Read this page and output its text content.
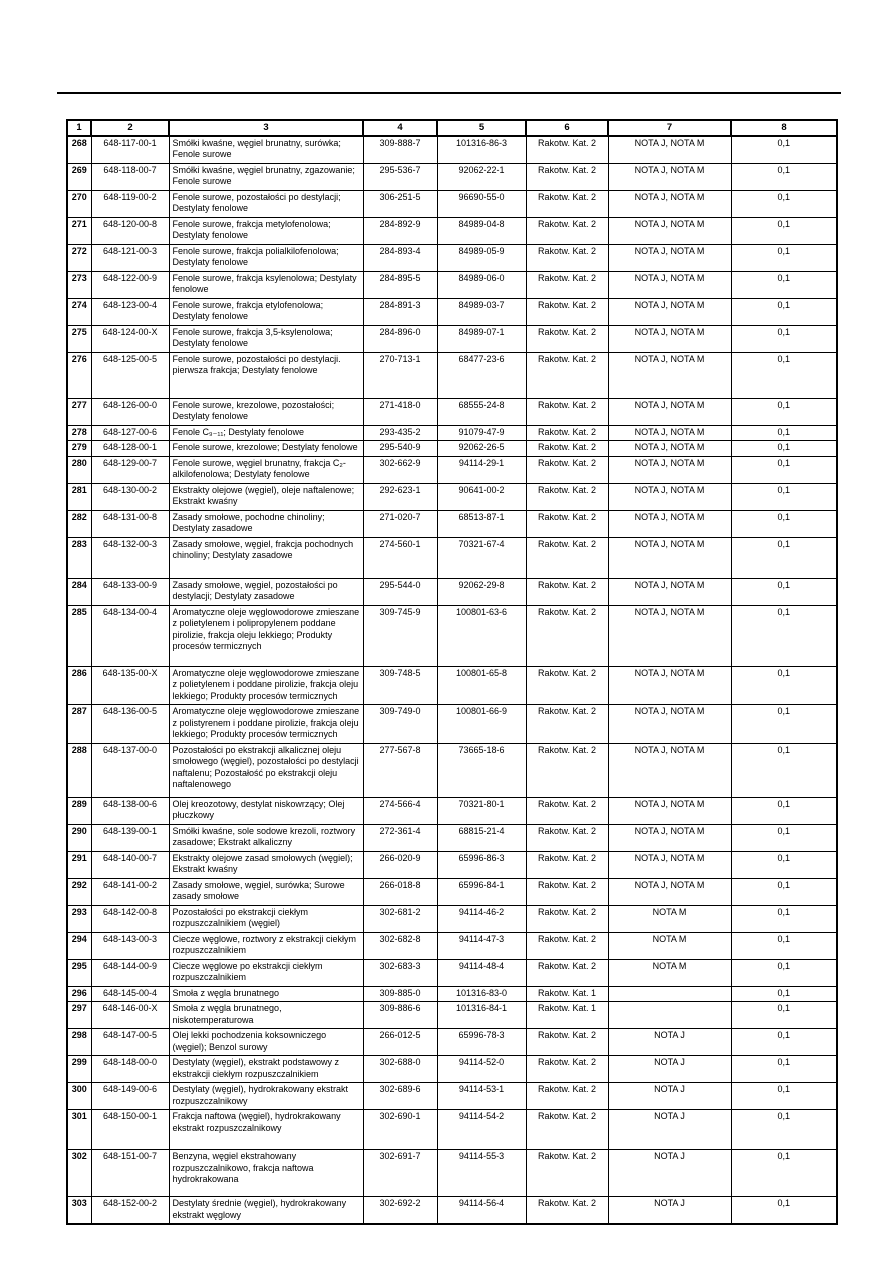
1	2	3	4	5	6	7	8
268	648-117-00-1	Smółki kwaśne, węgiel brunatny, surówka; Fenole surowe	309-888-7	101316-86-3	Rakotw. Kat. 2	NOTA J, NOTA M	0,1
269	648-118-00-7	Smółki kwaśne, węgiel brunatny, zgazowanie; Fenole surowe	295-536-7	92062-22-1	Rakotw. Kat. 2	NOTA J, NOTA M	0,1
270	648-119-00-2	Fenole surowe, pozostałości po destylacji; Destylaty fenolowe	306-251-5	96690-55-0	Rakotw. Kat. 2	NOTA J, NOTA M	0,1
271	648-120-00-8	Fenole surowe, frakcja metylofenolowa; Destylaty fenolowe	284-892-9	84989-04-8	Rakotw. Kat. 2	NOTA J, NOTA M	0,1
272	648-121-00-3	Fenole surowe, frakcja polialkilofenolowa; Destylaty fenolowe	284-893-4	84989-05-9	Rakotw. Kat. 2	NOTA J, NOTA M	0,1
273	648-122-00-9	Fenole surowe, frakcja ksylenolowa; Destylaty fenolowe	284-895-5	84989-06-0	Rakotw. Kat. 2	NOTA J, NOTA M	0,1
274	648-123-00-4	Fenole surowe, frakcja etylofenolowa; Destylaty fenolowe	284-891-3	84989-03-7	Rakotw. Kat. 2	NOTA J, NOTA M	0,1
275	648-124-00-X	Fenole surowe, frakcja 3,5-ksylenolowa; Destylaty fenolowe	284-896-0	84989-07-1	Rakotw. Kat. 2	NOTA J, NOTA M	0,1
276	648-125-00-5	Fenole surowe, pozostałości po destylacji. pierwsza frakcja; Destylaty fenolowe	270-713-1	68477-23-6	Rakotw. Kat. 2	NOTA J, NOTA M	0,1
277	648-126-00-0	Fenole surowe, krezolowe, pozostałości; Destylaty fenolowe	271-418-0	68555-24-8	Rakotw. Kat. 2	NOTA J, NOTA M	0,1
278	648-127-00-6	Fenole C₉₋₁₁; Destylaty fenolowe	293-435-2	91079-47-9	Rakotw. Kat. 2	NOTA J, NOTA M	0,1
279	648-128-00-1	Fenole surowe, krezolowe; Destylaty fenolowe	295-540-9	92062-26-5	Rakotw. Kat. 2	NOTA J, NOTA M	0,1
280	648-129-00-7	Fenole surowe, węgiel brunatny, frakcja C₂-alkilofenolowa; Destylaty fenolowe	302-662-9	94114-29-1	Rakotw. Kat. 2	NOTA J, NOTA M	0,1
281	648-130-00-2	Ekstrakty olejowe (węgiel), oleje naftalenowe; Ekstrakt kwaśny	292-623-1	90641-00-2	Rakotw. Kat. 2	NOTA J, NOTA M	0,1
282	648-131-00-8	Zasady smołowe, pochodne chinoliny; Destylaty zasadowe	271-020-7	68513-87-1	Rakotw. Kat. 2	NOTA J, NOTA M	0,1
283	648-132-00-3	Zasady smołowe, węgiel, frakcja pochodnych chinoliny; Destylaty zasadowe	274-560-1	70321-67-4	Rakotw. Kat. 2	NOTA J, NOTA M	0,1
284	648-133-00-9	Zasady smołowe, węgiel, pozostałości po destylacji; Destylaty zasadowe	295-544-0	92062-29-8	Rakotw. Kat. 2	NOTA J, NOTA M	0,1
285	648-134-00-4	Aromatyczne oleje węglowodorowe zmieszane z polietylenem i polipropylenem poddane pirolizie, frakcja oleju lekkiego; Produkty procesów termicznych	309-745-9	100801-63-6	Rakotw. Kat. 2	NOTA J, NOTA M	0,1
286	648-135-00-X	Aromatyczne oleje węglowodorowe zmieszane z polietylenem i poddane pirolizie, frakcja oleju lekkiego; Produkty procesów termicznych	309-748-5	100801-65-8	Rakotw. Kat. 2	NOTA J, NOTA M	0,1
287	648-136-00-5	Aromatyczne oleje węglowodorowe zmieszane z polistyrenem i poddane pirolizie, frakcja oleju lekkiego; Produkty procesów termicznych	309-749-0	100801-66-9	Rakotw. Kat. 2	NOTA J, NOTA M	0,1
288	648-137-00-0	Pozostałości po ekstrakcji alkalicznej oleju smołowego (węgiel), pozostałości po destylacji naftalenu; Pozostałość po ekstrakcji oleju naftalenowego	277-567-8	73665-18-6	Rakotw. Kat. 2	NOTA J, NOTA M	0,1
289	648-138-00-6	Olej kreozotowy, destylat niskowrzący; Olej płuczkowy	274-566-4	70321-80-1	Rakotw. Kat. 2	NOTA J, NOTA M	0,1
290	648-139-00-1	Smółki kwaśne, sole sodowe krezoli, roztwory zasadowe; Ekstrakt alkaliczny	272-361-4	68815-21-4	Rakotw. Kat. 2	NOTA J, NOTA M	0,1
291	648-140-00-7	Ekstrakty olejowe zasad smołowych (węgiel); Ekstrakt kwaśny	266-020-9	65996-86-3	Rakotw. Kat. 2	NOTA J, NOTA M	0,1
292	648-141-00-2	Zasady smołowe, węgiel, surówka; Surowe zasady smołowe	266-018-8	65996-84-1	Rakotw. Kat. 2	NOTA J, NOTA M	0,1
293	648-142-00-8	Pozostałości po ekstrakcji ciekłym rozpuszczalnikiem (węgiel)	302-681-2	94114-46-2	Rakotw. Kat. 2	NOTA M	0,1
294	648-143-00-3	Ciecze węglowe, roztwory z ekstrakcji ciekłym rozpuszczalnikiem	302-682-8	94114-47-3	Rakotw. Kat. 2	NOTA M	0,1
295	648-144-00-9	Ciecze węglowe po ekstrakcji ciekłym rozpuszczalnikiem	302-683-3	94114-48-4	Rakotw. Kat. 2	NOTA M	0,1
296	648-145-00-4	Smoła z węgla brunatnego	309-885-0	101316-83-0	Rakotw. Kat. 1		0,1
297	648-146-00-X	Smoła z węgla brunatnego, niskotemperaturowa	309-886-6	101316-84-1	Rakotw. Kat. 1		0,1
298	648-147-00-5	Olej lekki pochodzenia koksowniczego (węgiel); Benzol surowy	266-012-5	65996-78-3	Rakotw. Kat. 2	NOTA J	0,1
299	648-148-00-0	Destylaty (węgiel), ekstrakt podstawowy z ekstrakcji ciekłym rozpuszczalnikiem	302-688-0	94114-52-0	Rakotw. Kat. 2	NOTA J	0,1
300	648-149-00-6	Destylaty (węgiel), hydrokrakowany ekstrakt rozpuszczalnikowy	302-689-6	94114-53-1	Rakotw. Kat. 2	NOTA J	0,1
301	648-150-00-1	Frakcja naftowa (węgiel), hydrokrakowany ekstrakt rozpuszczalnikowy	302-690-1	94114-54-2	Rakotw. Kat. 2	NOTA J	0,1
302	648-151-00-7	Benzyna, węgiel ekstrahowany rozpuszczalnikowo, frakcja naftowa hydrokrakowana	302-691-7	94114-55-3	Rakotw. Kat. 2	NOTA J	0,1
303	648-152-00-2	Destylaty średnie (węgiel), hydrokrakowany ekstrakt węglowy	302-692-2	94114-56-4	Rakotw. Kat. 2	NOTA J	0,1
